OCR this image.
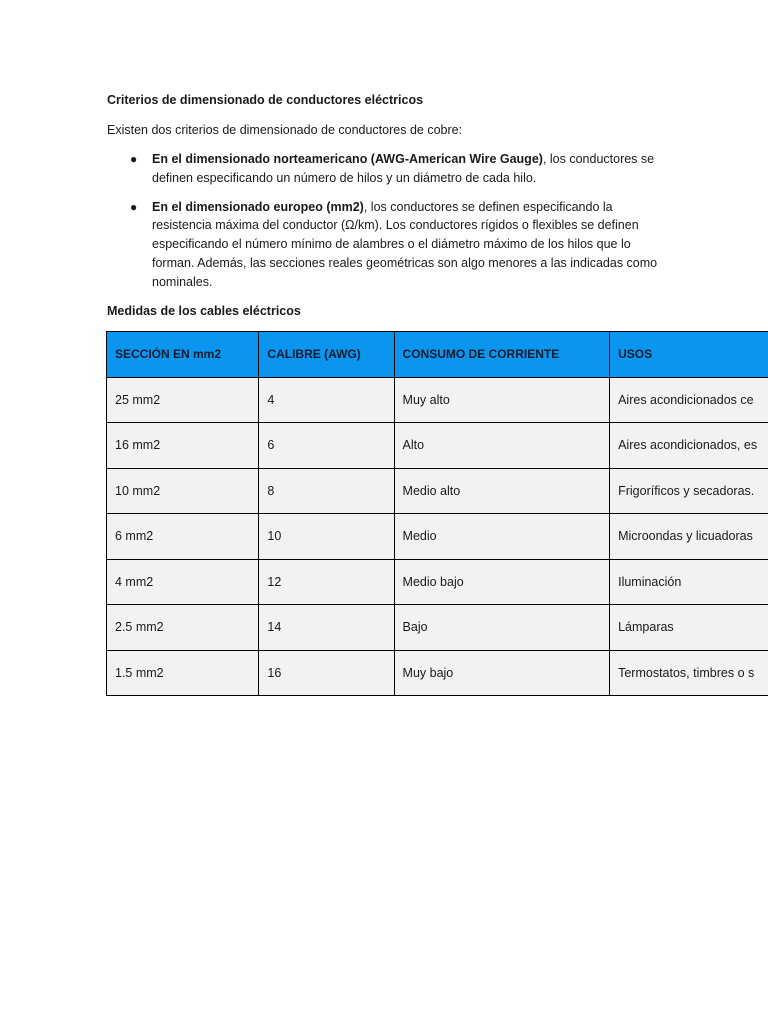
Criterios de dimensionado de conductores eléctricos
Existen dos criterios de dimensionado de conductores de cobre:
● En el dimensionado norteamericano (AWG-American Wire Gauge), los conductores se definen especificando un número de hilos y un diámetro de cada hilo.
● En el dimensionado europeo (mm2), los conductores se definen especificando la resistencia máxima del conductor (Ω/km). Los conductores rígidos o flexibles se definen especificando el número mínimo de alambres o el diámetro máximo de los hilos que lo forman. Además, las secciones reales geométricas son algo menores a las indicadas como nominales.
Medidas de los cables eléctricos
SECCIÓN EN mm2	CALIBRE (AWG)	CONSUMO DE CORRIENTE	USOS
25 mm2	4	Muy alto	Aires acondicionados ce
16 mm2	6	Alto	Aires acondicionados, es
10 mm2	8	Medio alto	Frigoríficos y secadoras.
6 mm2	10	Medio	Microondas y licuadoras
4 mm2	12	Medio bajo	Iluminación
2.5 mm2	14	Bajo	Lámparas
1.5 mm2	16	Muy bajo	Termostatos, timbres o s
